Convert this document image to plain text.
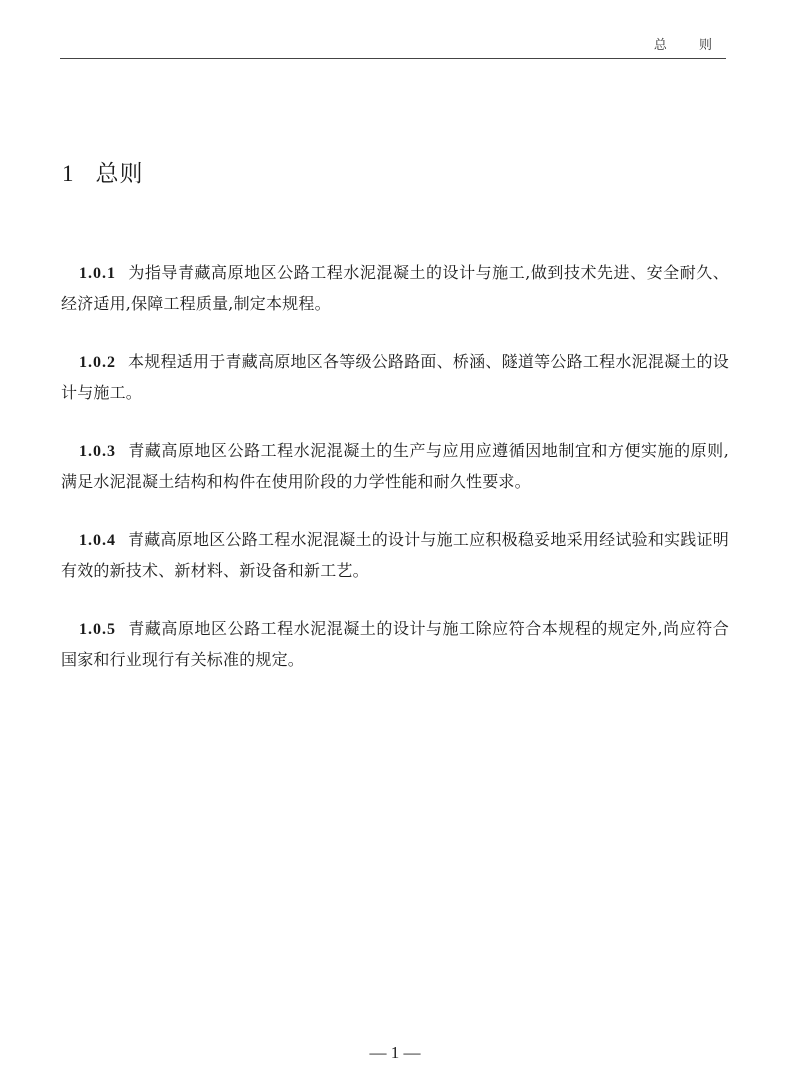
总 则
1 总则

1.0.1 为指导青藏高原地区公路工程水泥混凝土的设计与施工,做到技术先进、安全耐久、经济适用,保障工程质量,制定本规程。

1.0.2 本规程适用于青藏高原地区各等级公路路面、桥涵、隧道等公路工程水泥混凝土的设计与施工。

1.0.3 青藏高原地区公路工程水泥混凝土的生产与应用应遵循因地制宜和方便实施的原则,满足水泥混凝土结构和构件在使用阶段的力学性能和耐久性要求。

1.0.4 青藏高原地区公路工程水泥混凝土的设计与施工应积极稳妥地采用经试验和实践证明有效的新技术、新材料、新设备和新工艺。

1.0.5 青藏高原地区公路工程水泥混凝土的设计与施工除应符合本规程的规定外,尚应符合国家和行业现行有关标准的规定。

— 1 —
